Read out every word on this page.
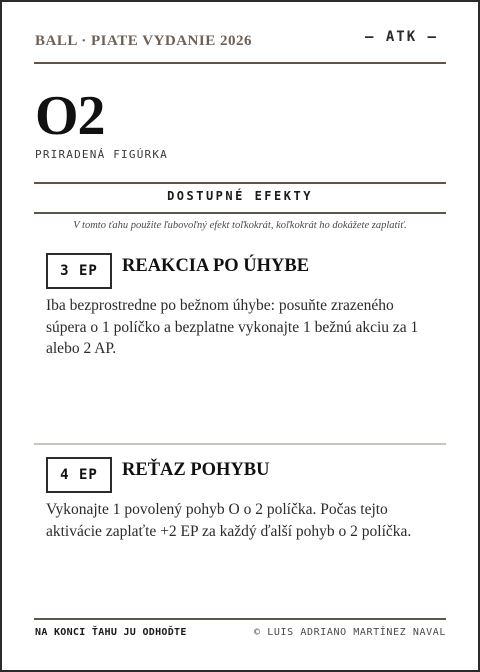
BALL · PIATE VYDANIE 2026	— ATK —
O2
PRIRADENÁ FIGÚRKA
DOSTUPNÉ EFEKTY
V tomto ťahu použite ľubovoľný efekt toľkokrát, koľkokrát ho dokážete zaplatiť.
3 EP	REAKCIA PO ÚHYBE
Iba bezprostredne po bežnom úhybe: posuňte zrazeného súpera o 1 políčko a bezplatne vykonajte 1 bežnú akciu za 1 alebo 2 AP.
4 EP	REŤAZ POHYBU
Vykonajte 1 povolený pohyb O o 2 políčka. Počas tejto aktivácie zaplaťte +2 EP za každý ďalší pohyb o 2 políčka.
NA KONCI ŤAHU JU ODHOĎTE	© LUIS ADRIANO MARTÍNEZ NAVAL
